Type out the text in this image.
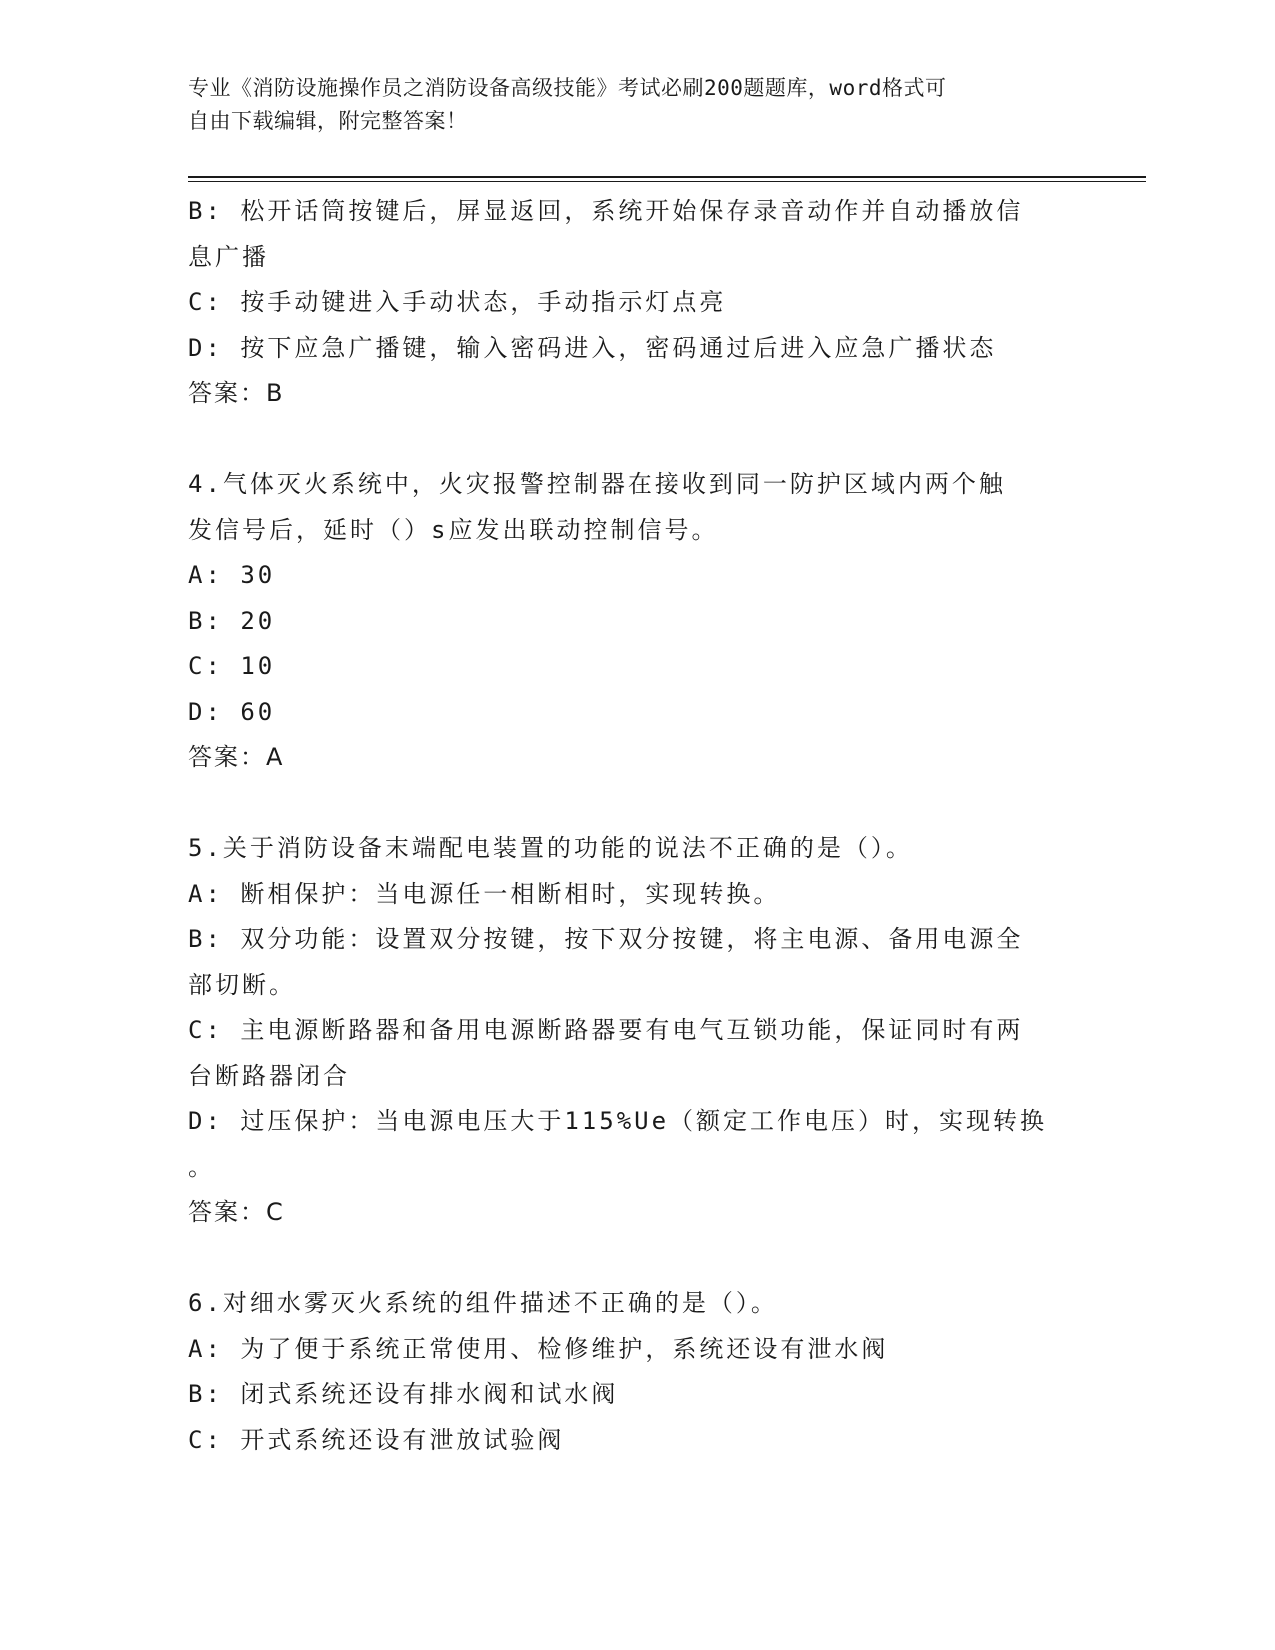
专业《消防设施操作员之消防设备高级技能》考试必刷200题题库，word格式可
自由下载编辑，附完整答案！
B: 松开话筒按键后，屏显返回，系统开始保存录音动作并自动播放信
息广播
C: 按手动键进入手动状态，手动指示灯点亮
D: 按下应急广播键，输入密码进入，密码通过后进入应急广播状态
答案：B
4.气体灭火系统中，火灾报警控制器在接收到同一防护区域内两个触
发信号后，延时（）s应发出联动控制信号。
A: 30
B: 20
C: 10
D: 60
答案：A
5.关于消防设备末端配电装置的功能的说法不正确的是（）。
A: 断相保护：当电源任一相断相时，实现转换。
B: 双分功能：设置双分按键，按下双分按键，将主电源、备用电源全
部切断。
C: 主电源断路器和备用电源断路器要有电气互锁功能，保证同时有两
台断路器闭合
D: 过压保护：当电源电压大于115%Ue（额定工作电压）时，实现转换
。
答案：C
6.对细水雾灭火系统的组件描述不正确的是（）。
A: 为了便于系统正常使用、检修维护，系统还设有泄水阀
B: 闭式系统还设有排水阀和试水阀
C: 开式系统还设有泄放试验阀
